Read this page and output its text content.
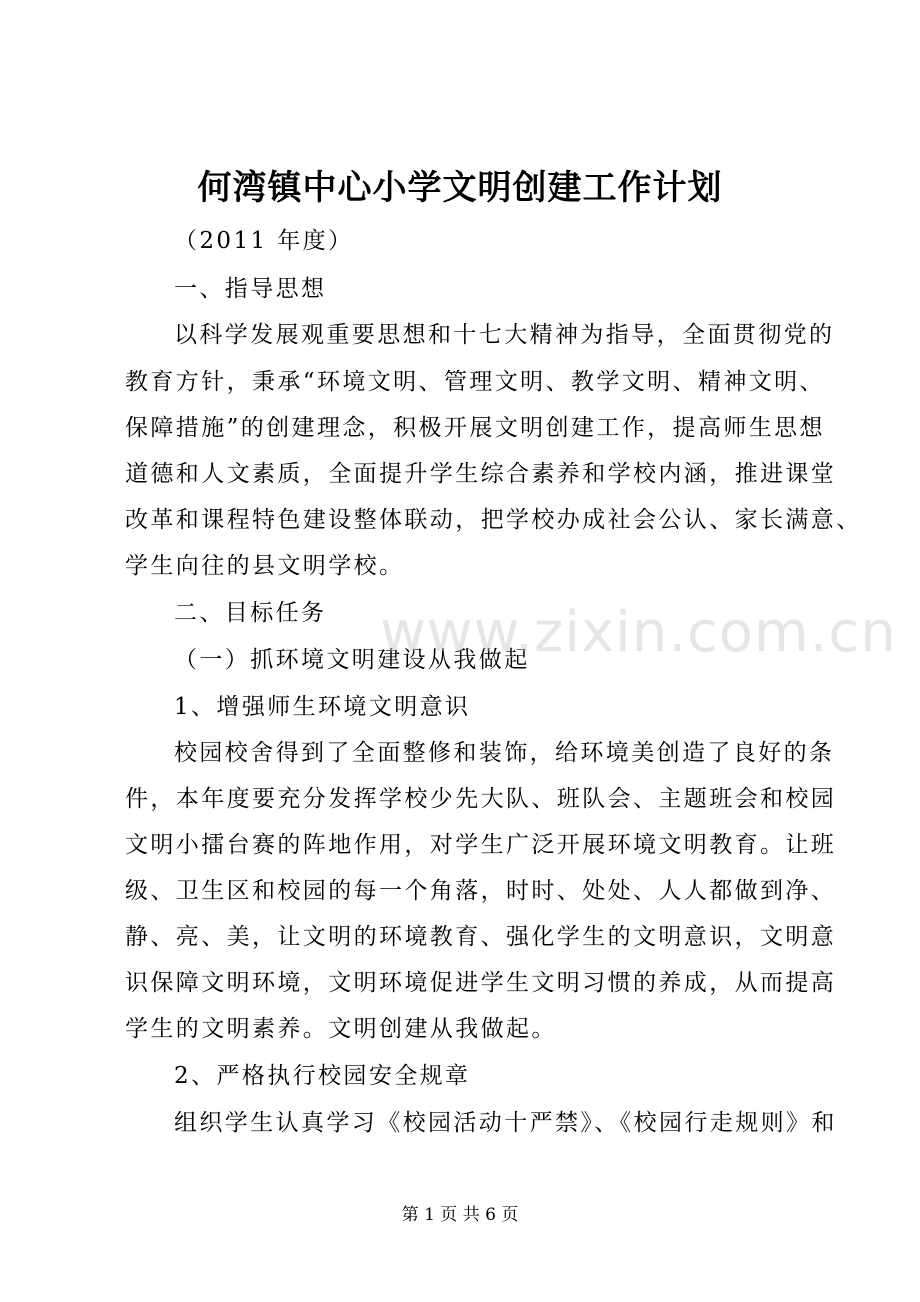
何湾镇中心小学文明创建工作计划
（2011 年度）
一、指导思想
以科学发展观重要思想和十七大精神为指导，全面贯彻党的
教育方针，秉承“环境文明、管理文明、教学文明、精神文明、
保障措施”的创建理念，积极开展文明创建工作，提高师生思想
道德和人文素质，全面提升学生综合素养和学校内涵，推进课堂
改革和课程特色建设整体联动，把学校办成社会公认、家长满意、
学生向往的县文明学校。
二、目标任务
（一）抓环境文明建设从我做起
1、增强师生环境文明意识
校园校舍得到了全面整修和装饰，给环境美创造了良好的条
件，本年度要充分发挥学校少先大队、班队会、主题班会和校园
文明小擂台赛的阵地作用，对学生广泛开展环境文明教育。让班
级、卫生区和校园的每一个角落，时时、处处、人人都做到净、
静、亮、美，让文明的环境教育、强化学生的文明意识，文明意
识保障文明环境，文明环境促进学生文明习惯的养成，从而提高
学生的文明素养。文明创建从我做起。
2、严格执行校园安全规章
组织学生认真学习《校园活动十严禁》、《校园行走规则》和
www.zixin.com.cn
第 1 页 共 6 页
